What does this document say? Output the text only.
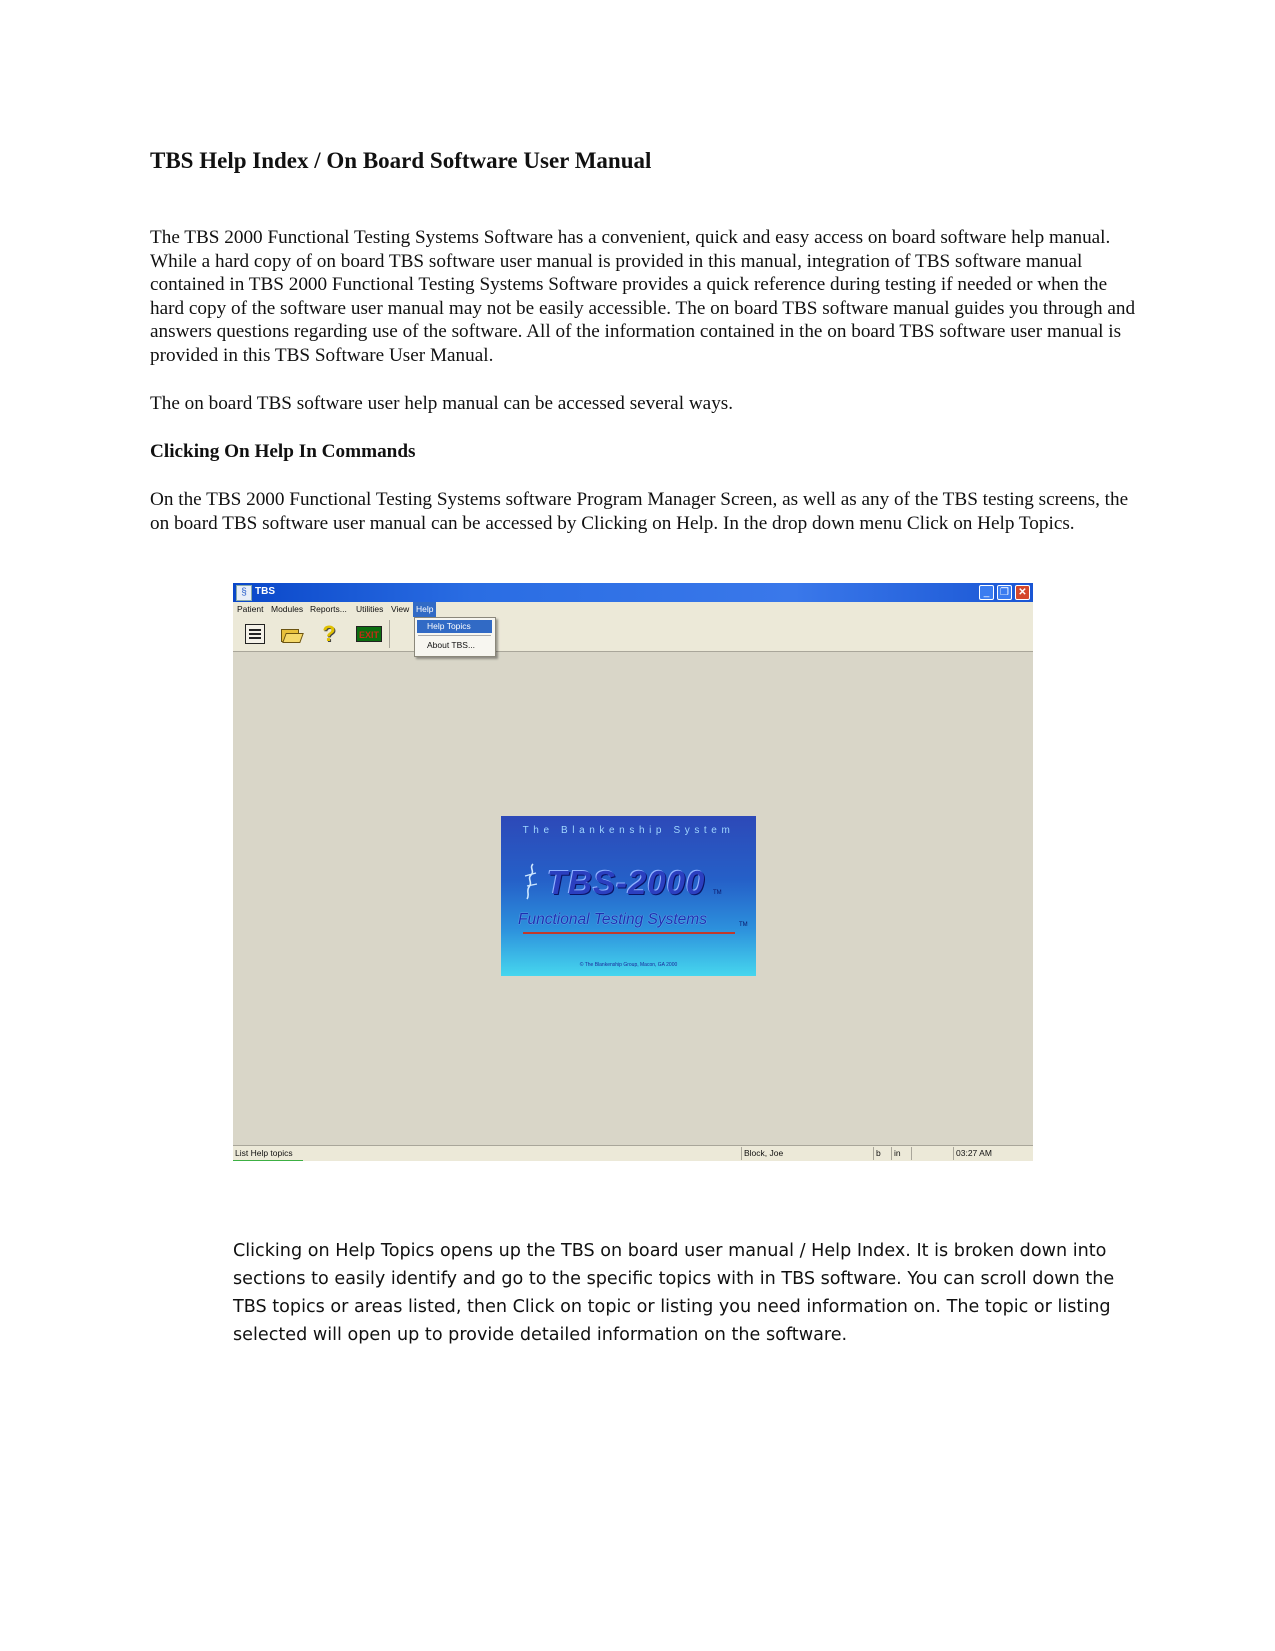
TBS Help Index / On Board Software User Manual

The TBS 2000 Functional Testing Systems Software has a convenient, quick and easy access on board software help manual. While a hard copy of on board TBS software user manual is provided in this manual, integration of TBS software manual contained in TBS 2000 Functional Testing Systems Software provides a quick reference during testing if needed or when the hard copy of the software user manual may not be easily accessible. The on board TBS software manual guides you through and answers questions regarding use of the software. All of the information contained in the on board TBS software user manual is provided in this TBS Software User Manual.

The on board TBS software user help manual can be accessed several ways.

Clicking On Help In Commands

On the TBS 2000 Functional Testing Systems software Program Manager Screen, as well as any of the TBS testing screens, the on board TBS software user manual can be accessed by Clicking on Help. In the drop down menu Click on Help Topics.

§ TBS	_	❐ ✕
Patient Modules Reports... Utilities View Help
?	EXIT
Help Topics
About TBS...
The Blankenship System
TBS-2000 TM
Functional Testing Systems	TM
© The Blankenship Group, Macon, GA 2000
List Help topics	Block, Joe	b	in	03:27 AM

Clicking on Help Topics opens up the TBS on board user manual / Help Index. It is broken down into sections to easily identify and go to the specific topics with in TBS software. You can scroll down the TBS topics or areas listed, then Click on topic or listing you need information on. The topic or listing selected will open up to provide detailed information on the software.
